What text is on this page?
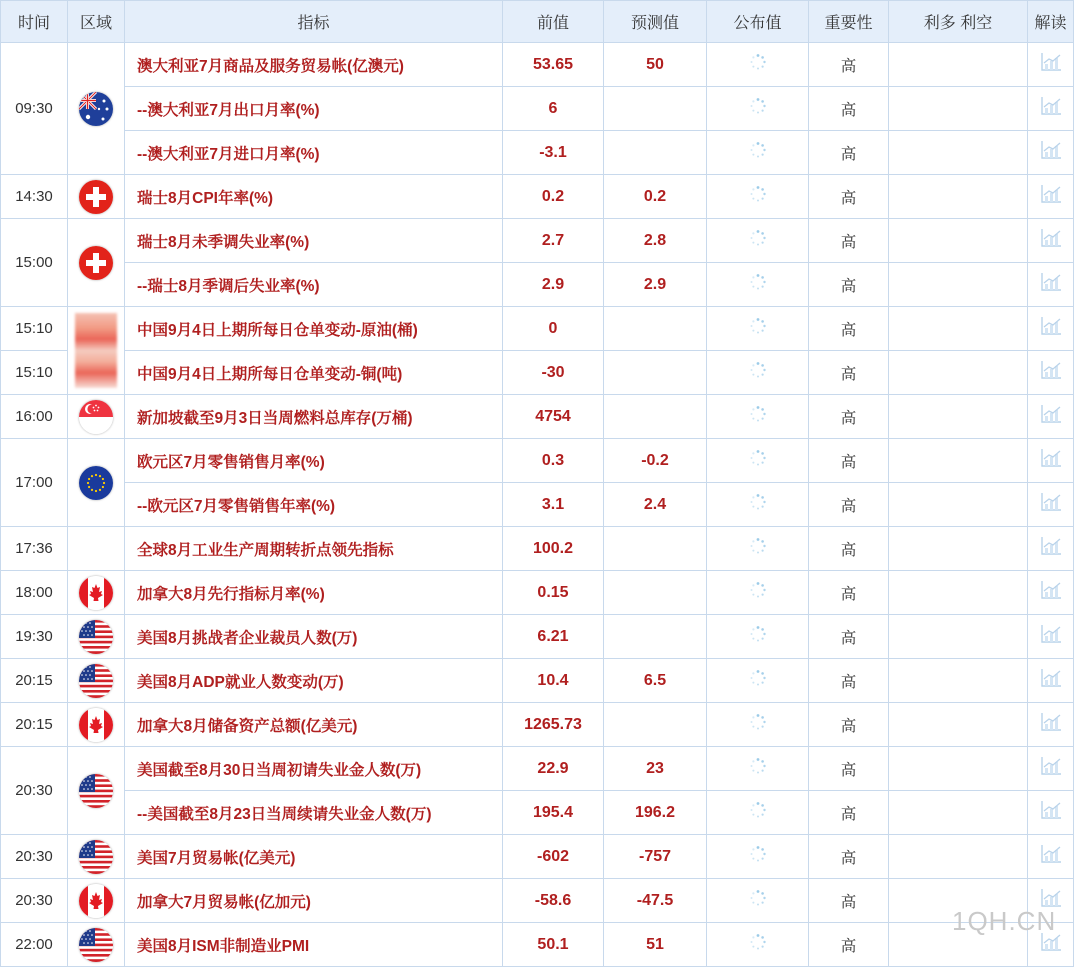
时间	区域	指标	前值	预测值	公布值	重要性	利多 利空	解读
09:30		澳大利亚7月商品及服务贸易帐(亿澳元)	53.65	50		高		
		--澳大利亚7月出口月率(%)	6			高		
		--澳大利亚7月进口月率(%)	-3.1			高		
14:30		瑞士8月CPI年率(%)	0.2	0.2		高		
15:00		瑞士8月未季调失业率(%)	2.7	2.8		高		
		--瑞士8月季调后失业率(%)	2.9	2.9		高		
15:10		中国9月4日上期所每日仓单变动-原油(桶)	0			高		
15:10		中国9月4日上期所每日仓单变动-铜(吨)	-30			高		
16:00		新加坡截至9月3日当周燃料总库存(万桶)	4754			高		
17:00		欧元区7月零售销售月率(%)	0.3	-0.2		高		
		--欧元区7月零售销售年率(%)	3.1	2.4		高		
17:36		全球8月工业生产周期转折点领先指标	100.2			高		
18:00		加拿大8月先行指标月率(%)	0.15			高		
19:30		美国8月挑战者企业裁员人数(万)	6.21			高		
20:15		美国8月ADP就业人数变动(万)	10.4	6.5		高		
20:15		加拿大8月储备资产总额(亿美元)	1265.73			高		
20:30		美国截至8月30日当周初请失业金人数(万)	22.9	23		高		
		--美国截至8月23日当周续请失业金人数(万)	195.4	196.2		高		
20:30		美国7月贸易帐(亿美元)	-602	-757		高		
20:30		加拿大7月贸易帐(亿加元)	-58.6	-47.5		高		
22:00		美国8月ISM非制造业PMI	50.1	51		高		
1QH.CN
